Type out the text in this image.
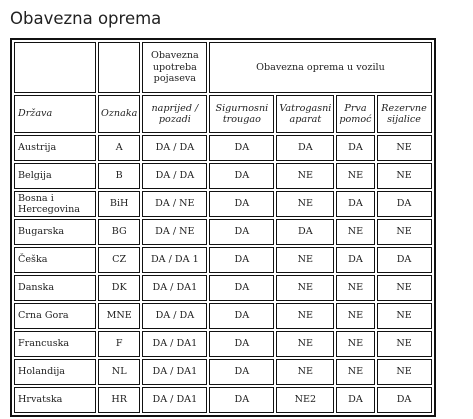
Obavezna oprema
		Obavezna upotreba pojaseva	Obavezna oprema u vozilu			
Država	Oznaka	naprijed / pozadi	Sigurnosni trougao	Vatrogasni aparat	Prva pomoć	Rezervne sijalice
Austrija	A	DA / DA	DA	DA	DA	NE
Belgija	B	DA / DA	DA	NE	NE	NE
Bosna i Hercegovina	BiH	DA / NE	DA	NE	DA	DA
Bugarska	BG	DA / NE	DA	DA	NE	NE
Češka	CZ	DA / DA 1	DA	NE	DA	DA
Danska	DK	DA / DA1	DA	NE	NE	NE
Crna Gora	MNE	DA / DA	DA	NE	NE	NE
Francuska	F	DA / DA1	DA	NE	NE	NE
Holandija	NL	DA / DA1	DA	NE	NE	NE
Hrvatska	HR	DA / DA1	DA	NE2	DA	DA
